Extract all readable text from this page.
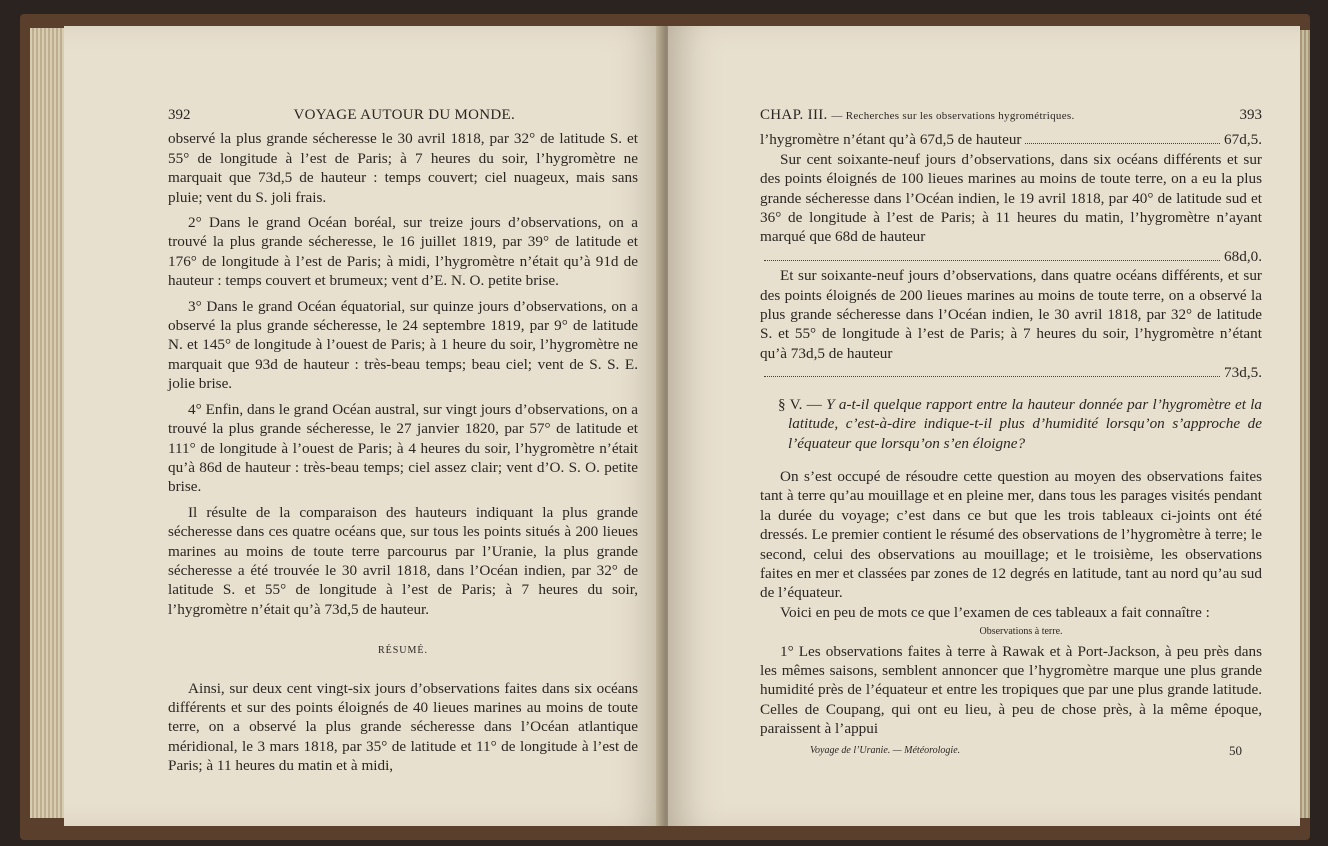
392	VOYAGE AUTOUR DU MONDE.

observé la plus grande sécheresse le 30 avril 1818, par 32° de latitude S. et 55° de longitude à l’est de Paris; à 7 heures du soir, l’hygromètre ne marquait que 73d,5 de hauteur : temps couvert; ciel nuageux, mais sans pluie; vent du S. joli frais.

2° Dans le grand Océan boréal, sur treize jours d’observations, on a trouvé la plus grande sécheresse, le 16 juillet 1819, par 39° de latitude et 176° de longitude à l’est de Paris; à midi, l’hygromètre n’était qu’à 91d de hauteur : temps couvert et brumeux; vent d’E. N. O. petite brise.

3° Dans le grand Océan équatorial, sur quinze jours d’observations, on a observé la plus grande sécheresse, le 24 septembre 1819, par 9° de latitude N. et 145° de longitude à l’ouest de Paris; à 1 heure du soir, l’hygromètre ne marquait que 93d de hauteur : très-beau temps; beau ciel; vent de S. S. E. jolie brise.

4° Enfin, dans le grand Océan austral, sur vingt jours d’observations, on a trouvé la plus grande sécheresse, le 27 janvier 1820, par 57° de latitude et 111° de longitude à l’ouest de Paris; à 4 heures du soir, l’hygromètre n’était qu’à 86d de hauteur : très-beau temps; ciel assez clair; vent d’O. S. O. petite brise.

Il résulte de la comparaison des hauteurs indiquant la plus grande sécheresse dans ces quatre océans que, sur tous les points situés à 200 lieues marines au moins de toute terre parcourus par l’Uranie, la plus grande sécheresse a été trouvée le 30 avril 1818, dans l’Océan indien, par 32° de latitude S. et 55° de longitude à l’est de Paris; à 7 heures du soir, l’hygromètre n’était qu’à 73d,5 de hauteur.

RÉSUMÉ.

Ainsi, sur deux cent vingt-six jours d’observations faites dans six océans différents et sur des points éloignés de 40 lieues marines au moins de toute terre, on a observé la plus grande sécheresse dans l’Océan atlantique méridional, le 3 mars 1818, par 35° de latitude et 11° de longitude à l’est de Paris; à 11 heures du matin et à midi,

CHAP. III. — Recherches sur les observations hygrométriques.	393
l’hygromètre n’étant qu’à 67d,5 de hauteur	67d,5.

Sur cent soixante-neuf jours d’observations, dans six océans différents et sur des points éloignés de 100 lieues marines au moins de toute terre, on a eu la plus grande sécheresse dans l’Océan indien, le 19 avril 1818, par 40° de latitude sud et 36° de longitude à l’est de Paris; à 11 heures du matin, l’hygromètre n’ayant marqué que 68d de hauteur

68d,0.

Et sur soixante-neuf jours d’observations, dans quatre océans différents, et sur des points éloignés de 200 lieues marines au moins de toute terre, on a observé la plus grande sécheresse dans l’Océan indien, le 30 avril 1818, par 32° de latitude S. et 55° de longitude à l’est de Paris; à 7 heures du soir, l’hygromètre n’étant qu’à 73d,5 de hauteur

73d,5.

§ V. — Y a-t-il quelque rapport entre la hauteur donnée par l’hygromètre et la latitude, c’est-à-dire indique-t-il plus d’humidité lorsqu’on s’approche de l’équateur que lorsqu’on s’en éloigne?

On s’est occupé de résoudre cette question au moyen des observations faites tant à terre qu’au mouillage et en pleine mer, dans tous les parages visités pendant la durée du voyage; c’est dans ce but que les trois tableaux ci-joints ont été dressés. Le premier contient le résumé des observations de l’hygromètre à terre; le second, celui des observations au mouillage; et le troisième, les observations faites en mer et classées par zones de 12 degrés en latitude, tant au nord qu’au sud de l’équateur.

Voici en peu de mots ce que l’examen de ces tableaux a fait connaître :

Observations à terre.

1° Les observations faites à terre à Rawak et à Port-Jackson, à peu près dans les mêmes saisons, semblent annoncer que l’hygromètre marque une plus grande humidité près de l’équateur et entre les tropiques que par une plus grande latitude. Celles de Coupang, qui ont eu lieu, à peu de chose près, à la même époque, paraissent à l’appui

Voyage de l’Uranie. — Météorologie.	50
